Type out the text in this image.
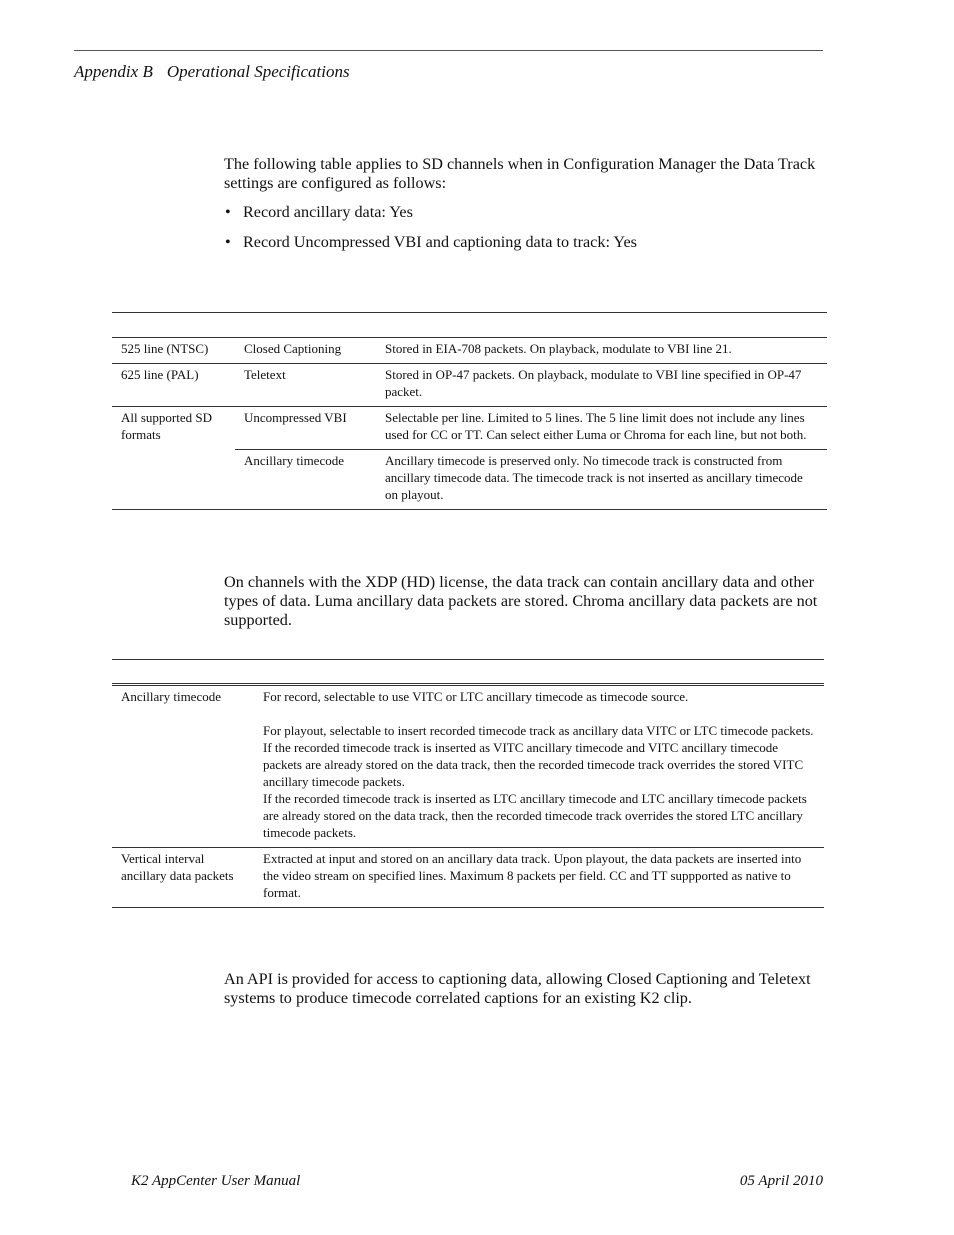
Appendix B Operational Specifications
The following table applies to SD channels when in Configuration Manager the Data Track settings are configured as follows:
• Record ancillary data: Yes
• Record Uncompressed VBI and captioning data to track: Yes
525 line (NTSC)	Closed Captioning	Stored in EIA-708 packets. On playback, modulate to VBI line 21.
625 line (PAL)	Teletext	Stored in OP-47 packets. On playback, modulate to VBI line specified in OP-47 packet.
All supported SD formats	Uncompressed VBI	Selectable per line. Limited to 5 lines. The 5 line limit does not include any lines used for CC or TT. Can select either Luma or Chroma for each line, but not both.
	Ancillary timecode	Ancillary timecode is preserved only. No timecode track is constructed from ancillary timecode data. The timecode track is not inserted as ancillary timecode on playout.
On channels with the XDP (HD) license, the data track can contain ancillary data and other types of data. Luma ancillary data packets are stored. Chroma ancillary data packets are not supported.
Ancillary timecode	For record, selectable to use VITC or LTC ancillary timecode as timecode source.
For playout, selectable to insert recorded timecode track as ancillary data VITC or LTC timecode packets.
If the recorded timecode track is inserted as VITC ancillary timecode and VITC ancillary timecode packets are already stored on the data track, then the recorded timecode track overrides the stored VITC ancillary timecode packets.
If the recorded timecode track is inserted as LTC ancillary timecode and LTC ancillary timecode packets are already stored on the data track, then the recorded timecode track overrides the stored LTC ancillary timecode packets.

Vertical interval ancillary data packets	Extracted at input and stored on an ancillary data track. Upon playout, the data packets are inserted into the video stream on specified lines. Maximum 8 packets per field. CC and TT suppported as native to format.
An API is provided for access to captioning data, allowing Closed Captioning and Teletext systems to produce timecode correlated captions for an existing K2 clip.
K2 AppCenter User Manual	05 April 2010
